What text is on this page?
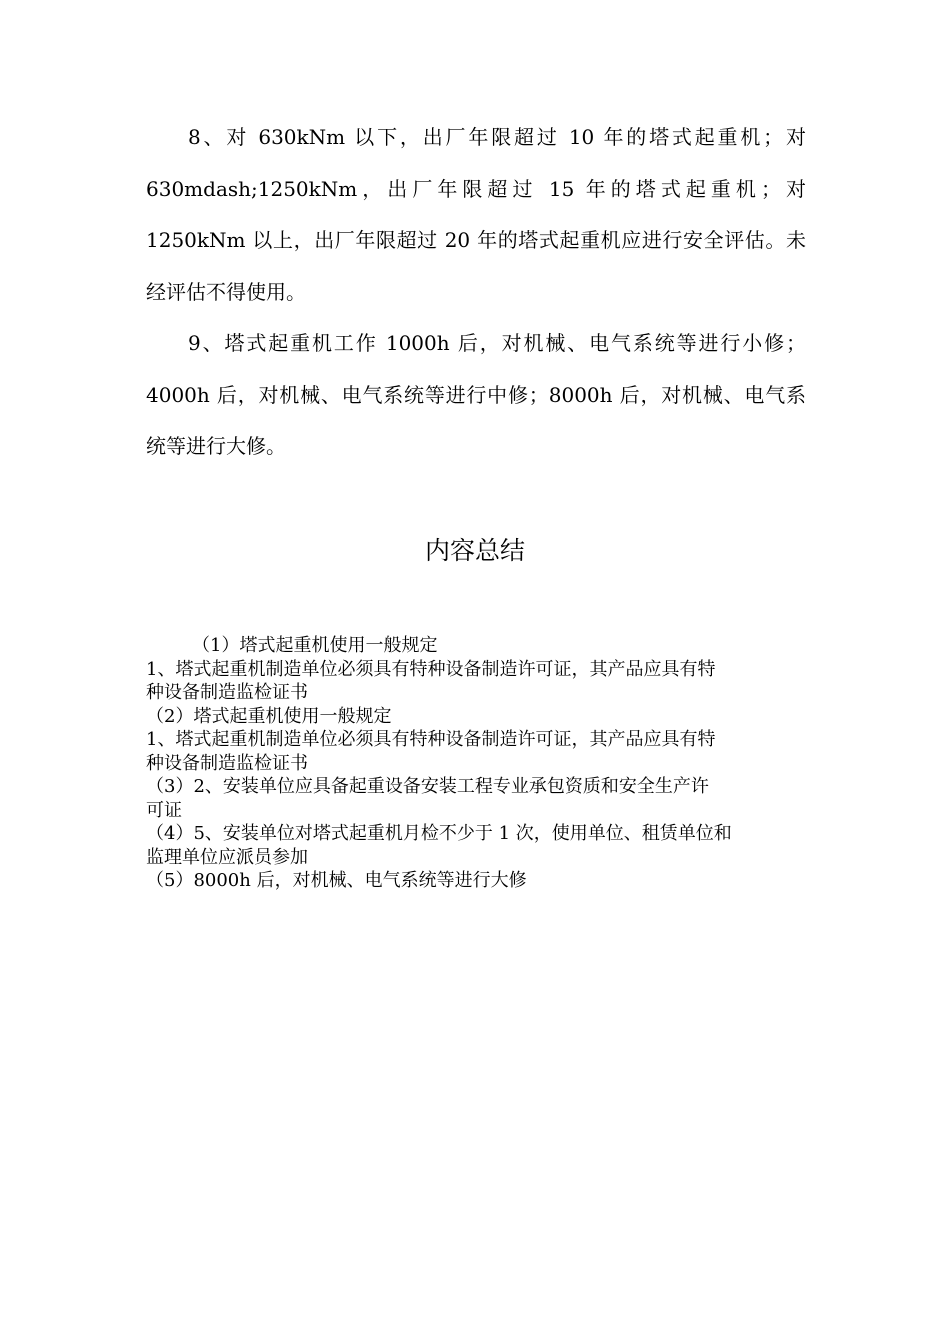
8、对 630kNm 以下，出厂年限超过 10 年的塔式起重机；对 630mdash;1250kNm，出厂年限超过 15 年的塔式起重机；对 1250kNm 以上，出厂年限超过 20 年的塔式起重机应进行安全评估。未经评估不得使用。

9、塔式起重机工作 1000h 后，对机械、电气系统等进行小修；4000h 后，对机械、电气系统等进行中修；8000h 后，对机械、电气系统等进行大修。

内容总结
（1）塔式起重机使用一般规定
1、塔式起重机制造单位必须具有特种设备制造许可证，其产品应具有特
种设备制造监检证书
（2）塔式起重机使用一般规定
1、塔式起重机制造单位必须具有特种设备制造许可证，其产品应具有特
种设备制造监检证书
（3）2、安装单位应具备起重设备安装工程专业承包资质和安全生产许
可证
（4）5、安装单位对塔式起重机月检不少于 1 次，使用单位、租赁单位和
监理单位应派员参加
（5）8000h 后，对机械、电气系统等进行大修
